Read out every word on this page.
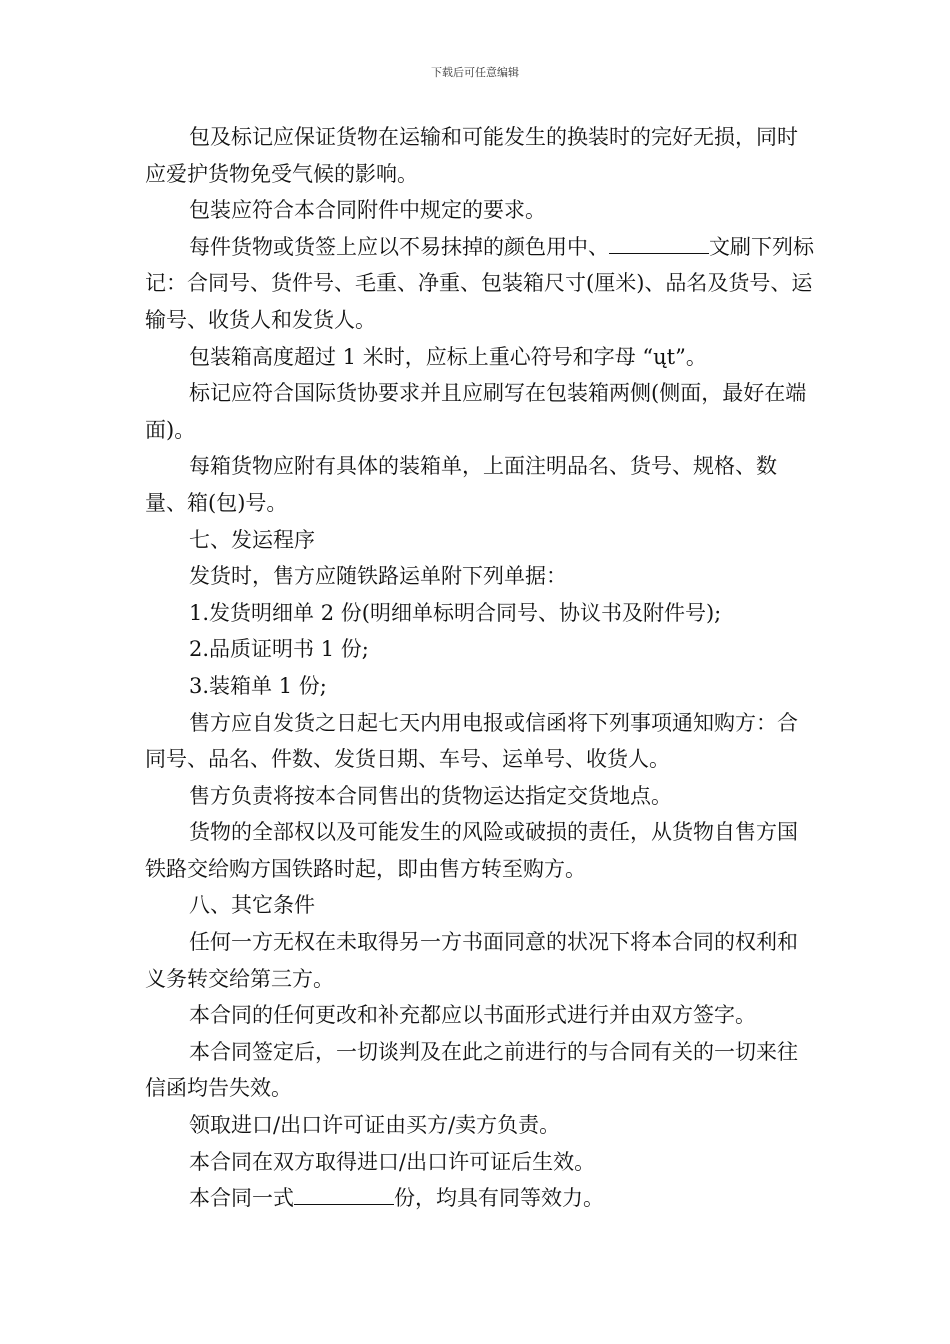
下载后可任意编辑

包及标记应保证货物在运输和可能发生的换装时的完好无损，同时应爱护货物免受气候的影响。

包装应符合本合同附件中规定的要求。

每件货物或货签上应以不易抹掉的颜色用中、	文刷下列标记：合同号、货件号、毛重、净重、包装箱尺寸(厘米)、品名及货号、运输号、收货人和发货人。

包装箱高度超过 1 米时，应标上重心符号和字母 “ųt”。

标记应符合国际货协要求并且应刷写在包装箱两侧(侧面，最好在端面)。

每箱货物应附有具体的装箱单，上面注明品名、货号、规格、数量、箱(包)号。

七、发运程序

发货时，售方应随铁路运单附下列单据：

1.发货明细单 2 份(明细单标明合同号、协议书及附件号);

2.品质证明书 1 份;

3.装箱单 1 份;

售方应自发货之日起七天内用电报或信函将下列事项通知购方：合同号、品名、件数、发货日期、车号、运单号、收货人。

售方负责将按本合同售出的货物运达指定交货地点。

货物的全部权以及可能发生的风险或破损的责任，从货物自售方国铁路交给购方国铁路时起，即由售方转至购方。

八、其它条件

任何一方无权在未取得另一方书面同意的状况下将本合同的权利和义务转交给第三方。

本合同的任何更改和补充都应以书面形式进行并由双方签字。

本合同签定后，一切谈判及在此之前进行的与合同有关的一切来往信函均告失效。

领取进口/出口许可证由买方/卖方负责。

本合同在双方取得进口/出口许可证后生效。

本合同一式	份，均具有同等效力。
